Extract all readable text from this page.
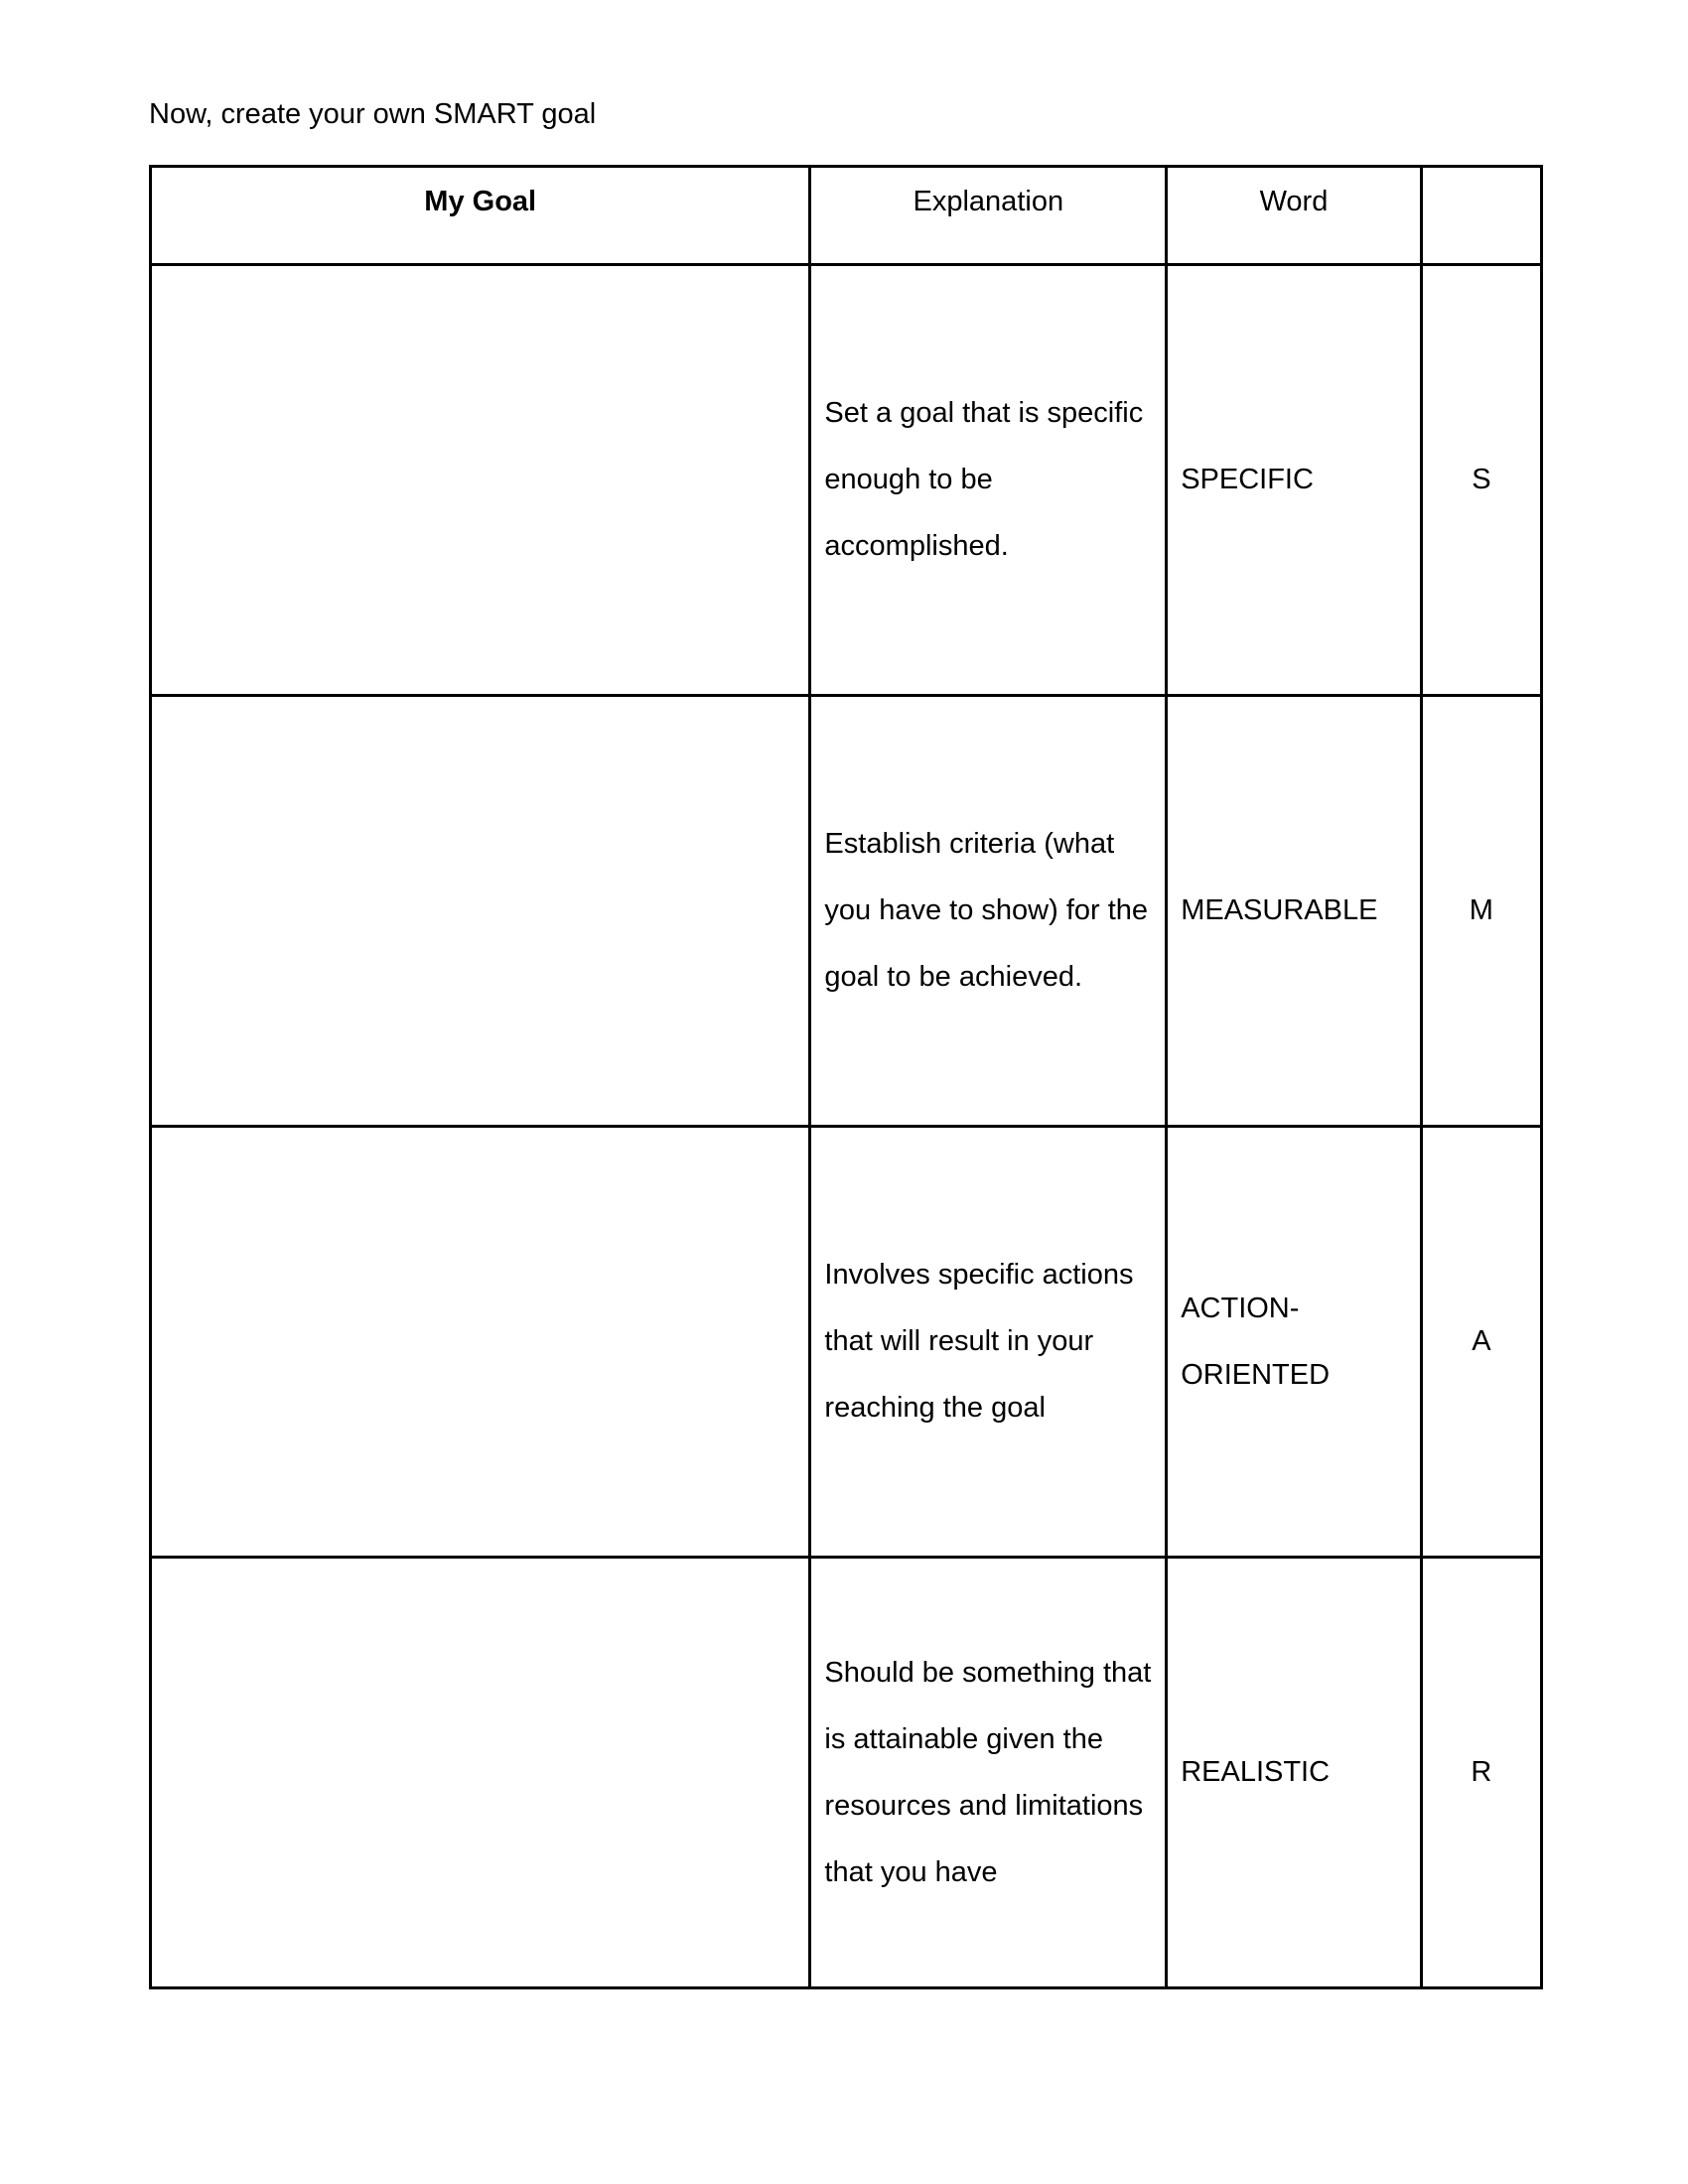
Now, create your own SMART goal

My Goal	Explanation	Word	

	Set a goal that is specific enough to be accomplished.	SPECIFIC	S

	Establish criteria (what you have to show) for the goal to be achieved.	MEASURABLE	M

	Involves specific actions that will result in your reaching the goal	ACTION-ORIENTED	A

	Should be something that is attainable given the resources and limitations that you have	REALISTIC	R
